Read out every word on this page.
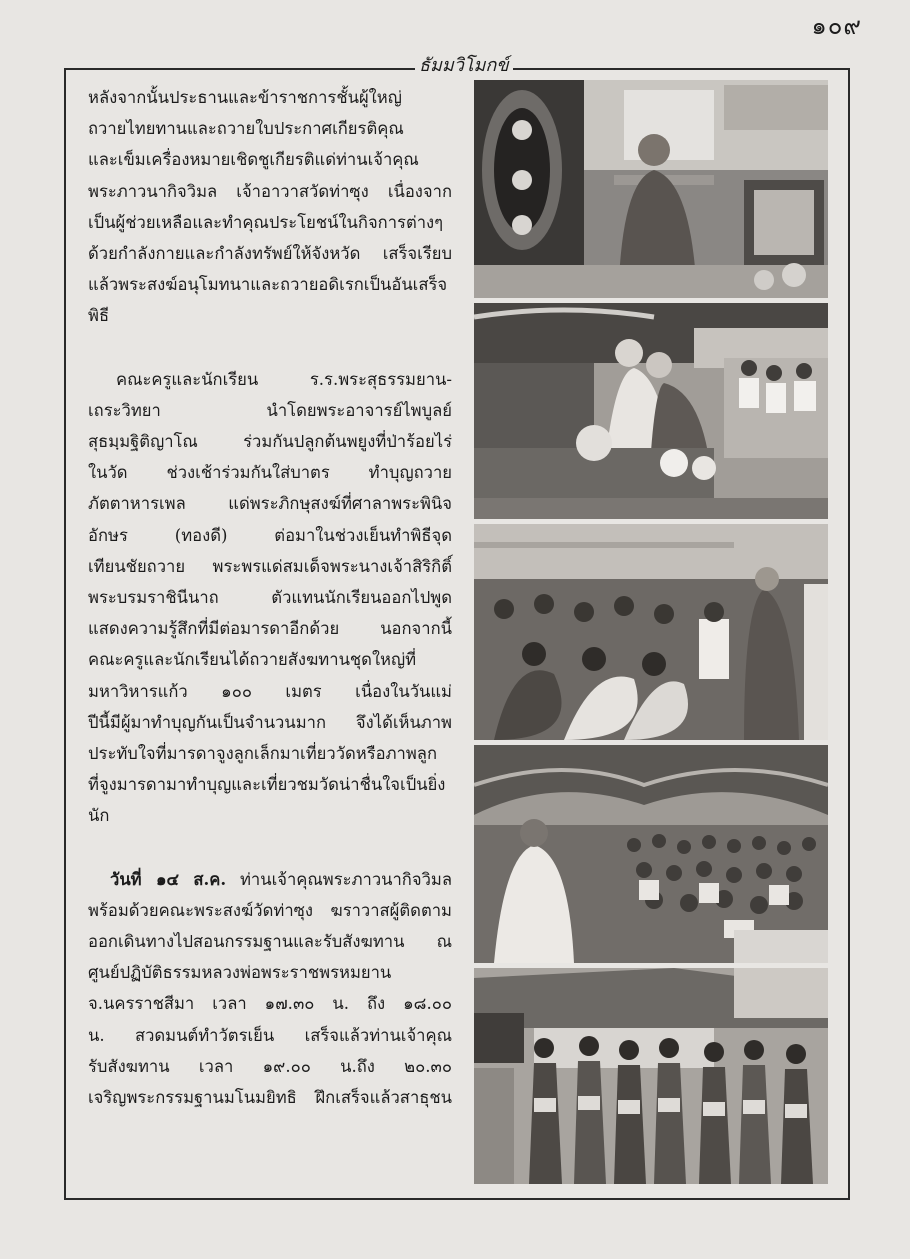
๑๐๙
ธัมมวิโมกข์

หลังจากนั้นประธานและข้าราชการชั้นผู้ใหญ่
ถวายไทยทานและถวายใบประกาศเกียรติคุณ
และเข็มเครื่องหมายเชิดชูเกียรติแด่ท่านเจ้าคุณ
พระภาวนากิจวิมล เจ้าอาวาสวัดท่าซุง เนื่องจาก
เป็นผู้ช่วยเหลือและทำคุณประโยชน์ในกิจการต่างๆ
ด้วยกำลังกายและกำลังทรัพย์ให้จังหวัด เสร็จเรียบ
แล้วพระสงฆ์อนุโมทนาและถวายอดิเรกเป็นอันเสร็จพิธี

คณะครูและนักเรียน ร.ร.พระสุธรรมยาน-
เถระวิทยา นำโดยพระอาจารย์ไพบูลย์
สุธมฺมฐิติญาโณ ร่วมกันปลูกต้นพยูงที่ป่าร้อยไร่
ในวัด ช่วงเช้าร่วมกันใส่บาตร ทำบุญถวาย
ภัตตาหารเพล แด่พระภิกษุสงฆ์ที่ศาลาพระพินิจ
อักษร (ทองดี) ต่อมาในช่วงเย็นทำพิธีจุด
เทียนชัยถวาย พระพรแด่สมเด็จพระนางเจ้าสิริกิติ์
พระบรมราชินีนาถ ตัวแทนนักเรียนออกไปพูด
แสดงความรู้สึกที่มีต่อมารดาอีกด้วย นอกจากนี้
คณะครูและนักเรียนได้ถวายสังฆทานชุดใหญ่ที่
มหาวิหารแก้ว ๑๐๐ เมตร เนื่องในวันแม่
ปีนี้มีผู้มาทำบุญกันเป็นจำนวนมาก จึงได้เห็นภาพ
ประทับใจที่มารดาจูงลูกเล็กมาเที่ยววัดหรือภาพลูก
ที่จูงมารดามาทำบุญและเที่ยวชมวัดน่าชื่นใจเป็นยิ่งนัก

วันที่ ๑๔ ส.ค. ท่านเจ้าคุณพระภาวนากิจวิมล
พร้อมด้วยคณะพระสงฆ์วัดท่าซุง ฆราวาสผู้ติดตาม
ออกเดินทางไปสอนกรรมฐานและรับสังฆทาน ณ
ศูนย์ปฏิบัติธรรมหลวงพ่อพระราชพรหมยาน
จ.นครราชสีมา เวลา ๑๗.๓๐ น. ถึง ๑๘.๐๐
น. สวดมนต์ทำวัตรเย็น เสร็จแล้วท่านเจ้าคุณ
รับสังฆทาน เวลา ๑๙.๐๐ น.ถึง ๒๐.๓๐
เจริญพระกรรมฐานมโนมยิทธิ ฝึกเสร็จแล้วสาธุชน
